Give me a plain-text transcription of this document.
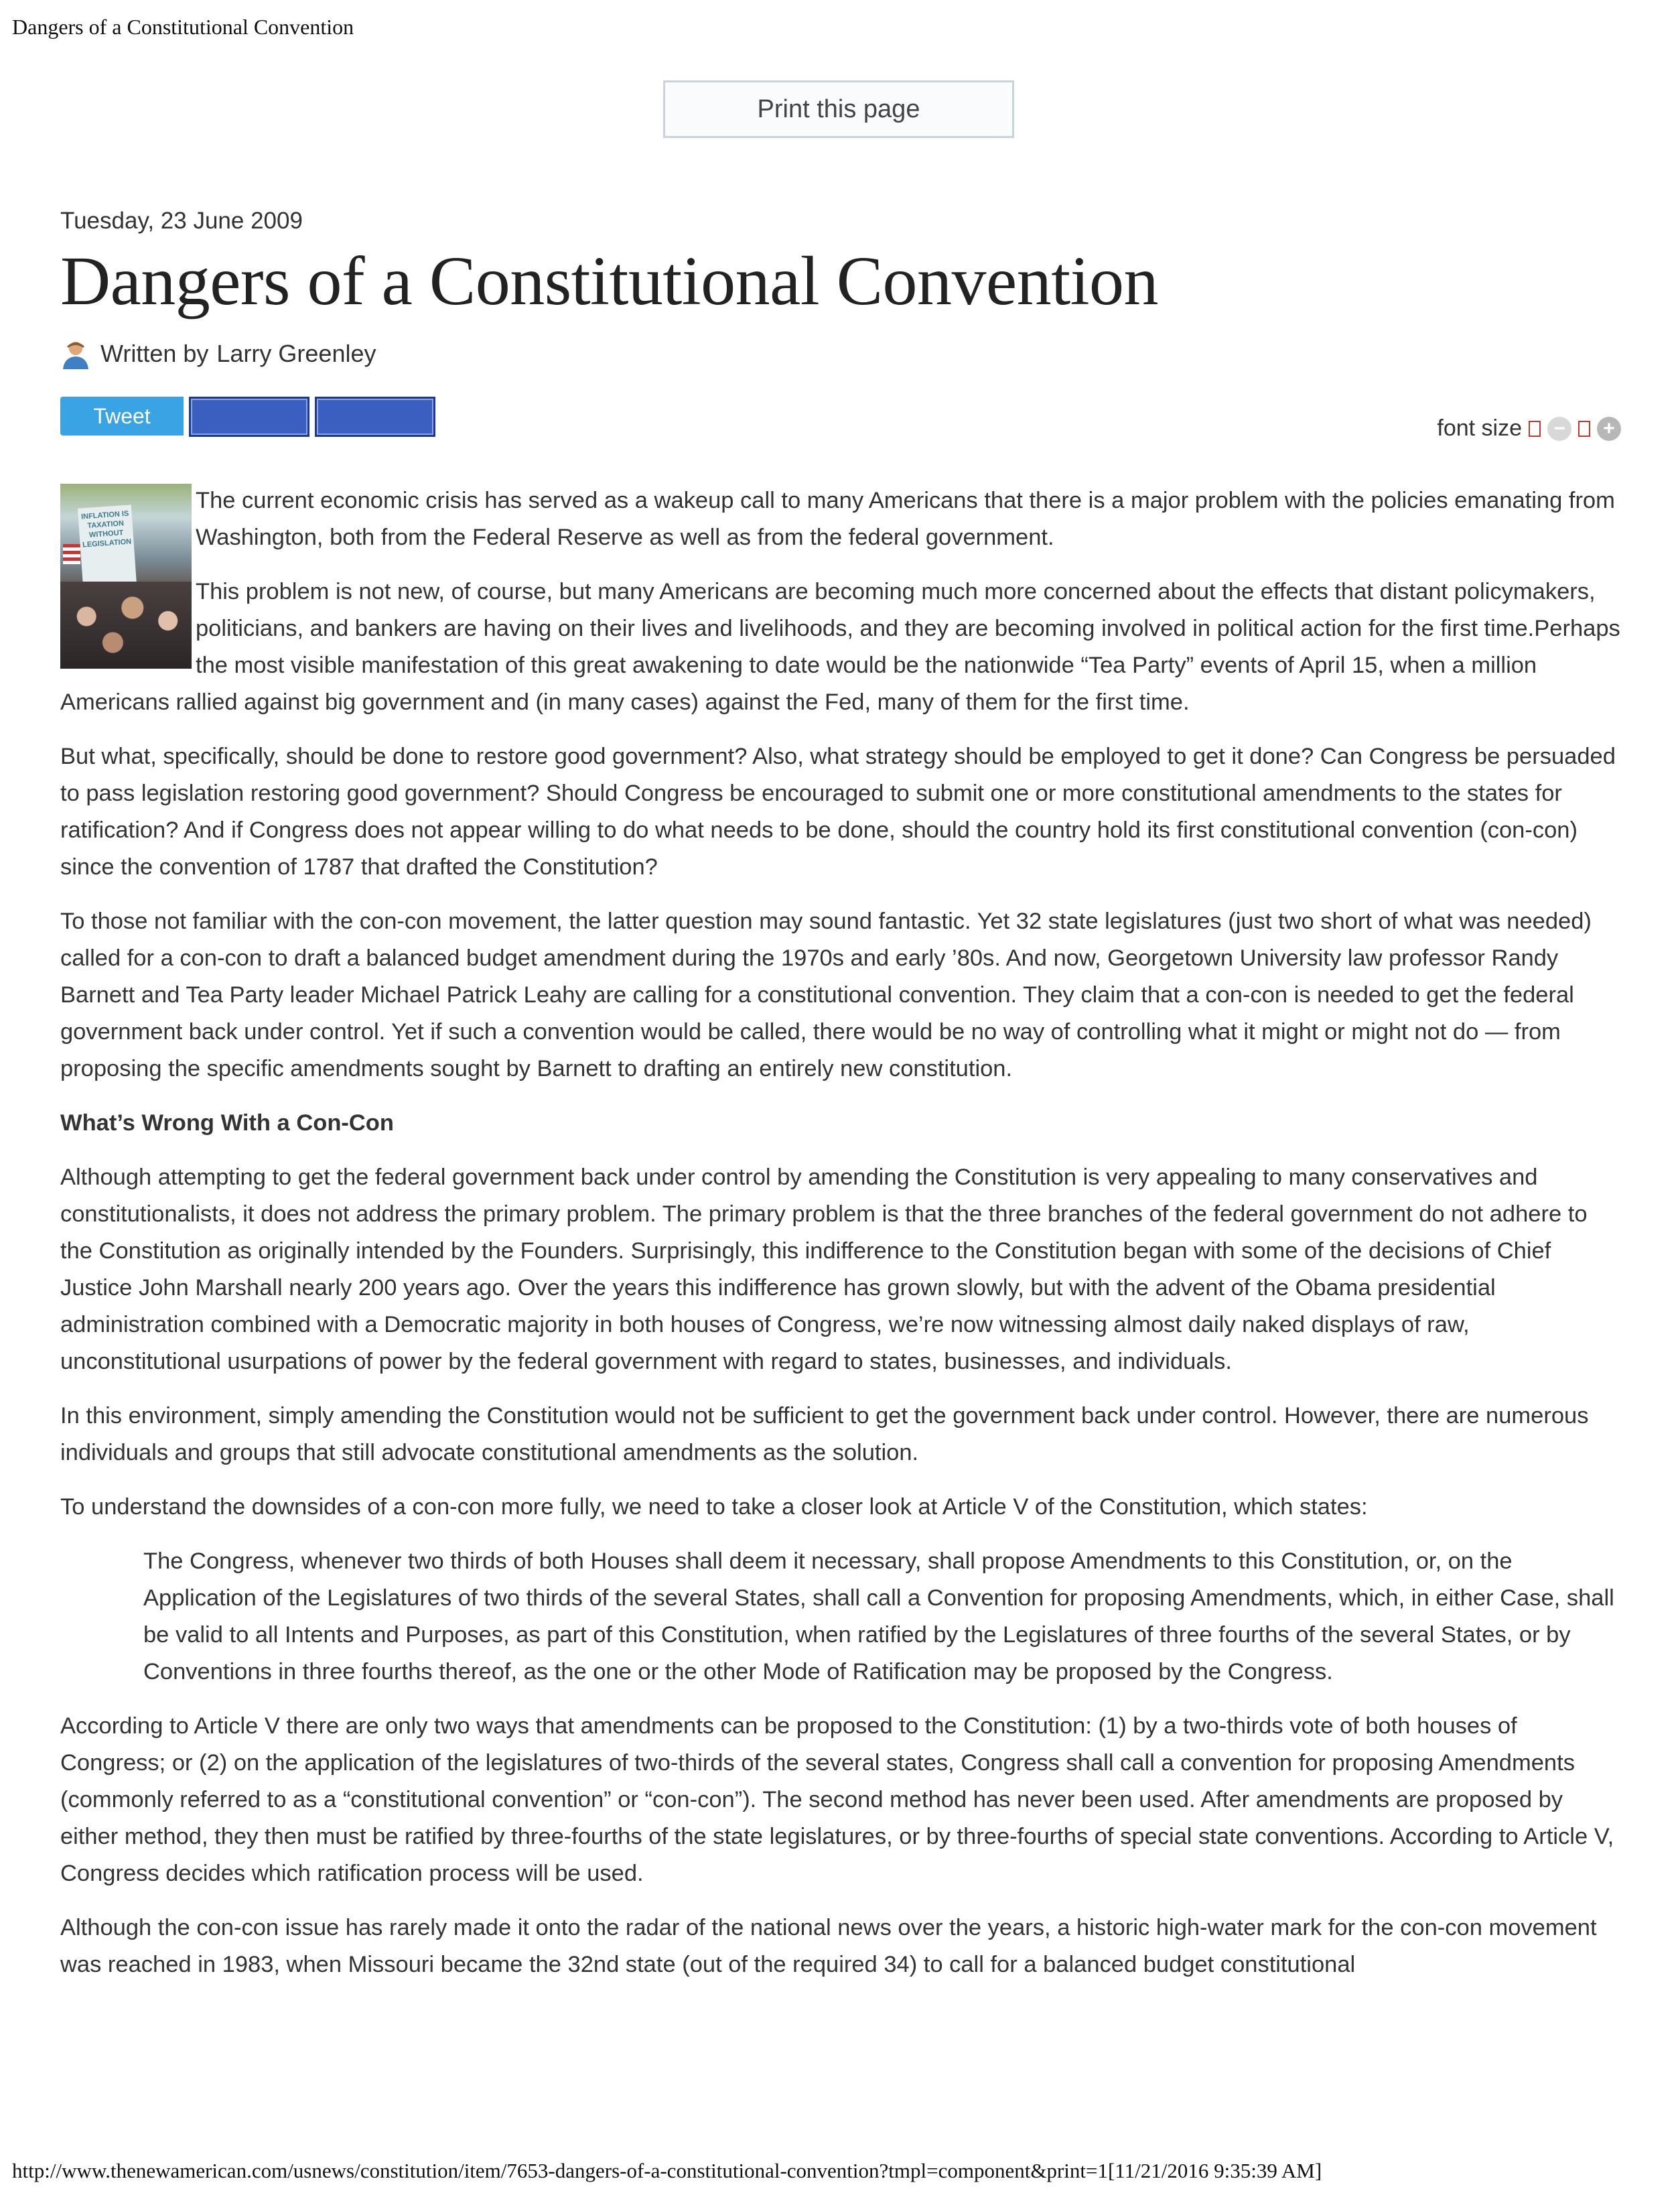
Dangers of a Constitutional Convention
Print this page
Tuesday, 23 June 2009
Dangers of a Constitutional Convention
Written by Larry Greenley
Tweet	font size	−	+
INFLATION IS TAXATION WITHOUT LEGISLATION

The current economic crisis has served as a wakeup call to many Americans that there is a major problem with the policies emanating from Washington, both from the Federal Reserve as well as from the federal government.

This problem is not new, of course, but many Americans are becoming much more concerned about the effects that distant policymakers, politicians, and bankers are having on their lives and livelihoods, and they are becoming involved in political action for the first time.Perhaps the most visible manifestation of this great awakening to date would be the nationwide “Tea Party” events of April 15, when a million Americans rallied against big government and (in many cases) against the Fed, many of them for the first time.

But what, specifically, should be done to restore good government? Also, what strategy should be employed to get it done? Can Congress be persuaded to pass legislation restoring good government? Should Congress be encouraged to submit one or more constitutional amendments to the states for ratification? And if Congress does not appear willing to do what needs to be done, should the country hold its first constitutional convention (con-con) since the convention of 1787 that drafted the Constitution?

To those not familiar with the con-con movement, the latter question may sound fantastic. Yet 32 state legislatures (just two short of what was needed) called for a con-con to draft a balanced budget amendment during the 1970s and early ’80s. And now, Georgetown University law professor Randy Barnett and Tea Party leader Michael Patrick Leahy are calling for a constitutional convention. They claim that a con-con is needed to get the federal government back under control. Yet if such a convention would be called, there would be no way of controlling what it might or might not do — from proposing the specific amendments sought by Barnett to drafting an entirely new constitution.

What’s Wrong With a Con-Con

Although attempting to get the federal government back under control by amending the Constitution is very appealing to many conservatives and constitutionalists, it does not address the primary problem. The primary problem is that the three branches of the federal government do not adhere to the Constitution as originally intended by the Founders. Surprisingly, this indifference to the Constitution began with some of the decisions of Chief Justice John Marshall nearly 200 years ago. Over the years this indifference has grown slowly, but with the advent of the Obama presidential administration combined with a Democratic majority in both houses of Congress, we’re now witnessing almost daily naked displays of raw, unconstitutional usurpations of power by the federal government with regard to states, businesses, and individuals.

In this environment, simply amending the Constitution would not be sufficient to get the government back under control. However, there are numerous individuals and groups that still advocate constitutional amendments as the solution.

To understand the downsides of a con-con more fully, we need to take a closer look at Article V of the Constitution, which states:

The Congress, whenever two thirds of both Houses shall deem it necessary, shall propose Amendments to this Constitution, or, on the Application of the Legislatures of two thirds of the several States, shall call a Convention for proposing Amendments, which, in either Case, shall be valid to all Intents and Purposes, as part of this Constitution, when ratified by the Legislatures of three fourths of the several States, or by Conventions in three fourths thereof, as the one or the other Mode of Ratification may be proposed by the Congress.

According to Article V there are only two ways that amendments can be proposed to the Constitution: (1) by a two-thirds vote of both houses of Congress; or (2) on the application of the legislatures of two-thirds of the several states, Congress shall call a convention for proposing Amendments (commonly referred to as a “constitutional convention” or “con-con”). The second method has never been used. After amendments are proposed by either method, they then must be ratified by three-fourths of the state legislatures, or by three-fourths of special state conventions. According to Article V, Congress decides which ratification process will be used.

Although the con-con issue has rarely made it onto the radar of the national news over the years, a historic high-water mark for the con-con movement was reached in 1983, when Missouri became the 32nd state (out of the required 34) to call for a balanced budget constitutional

http://www.thenewamerican.com/usnews/constitution/item/7653-dangers-of-a-constitutional-convention?tmpl=component&print=1[11/21/2016 9:35:39 AM]
